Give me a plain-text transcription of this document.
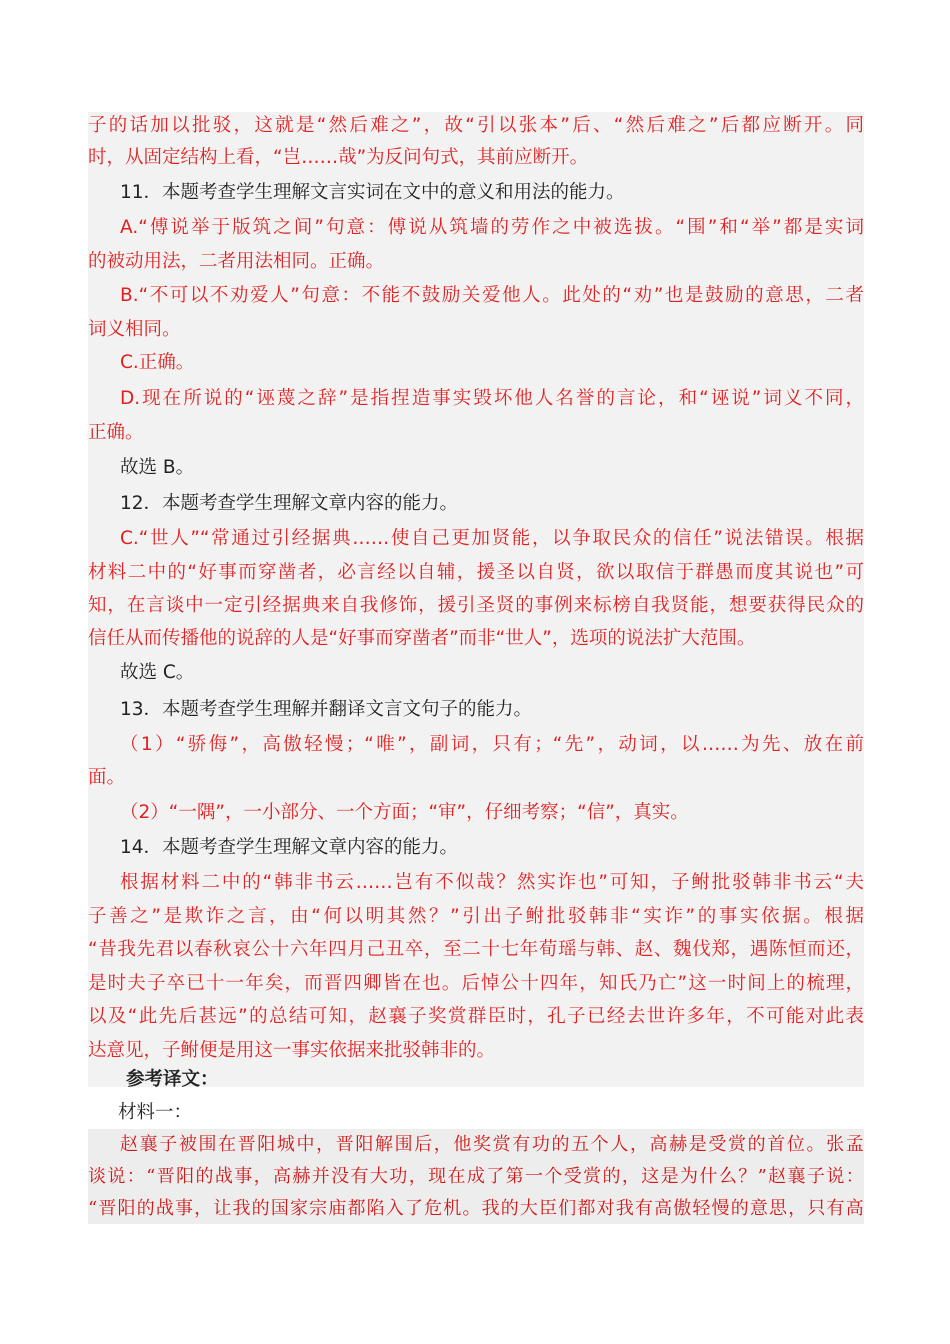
子的话加以批驳，这就是“然后难之”，故“引以张本”后、“然后难之”后都应断开。同
时，从固定结构上看，“岂……哉”为反问句式，其前应断开。
11．本题考查学生理解文言实词在文中的意义和用法的能力。
A.“傅说举于版筑之间”句意：傅说从筑墙的劳作之中被选拔。“围”和“举”都是实词
的被动用法，二者用法相同。正确。
B.“不可以不劝爱人”句意：不能不鼓励关爱他人。此处的“劝”也是鼓励的意思，二者
词义相同。
C.正确。
D.现在所说的“诬蔑之辞”是指捏造事实毁坏他人名誉的言论，和“诬说”词义不同，
正确。
故选 B。
12．本题考查学生理解文章内容的能力。
C.“世人”“常通过引经据典……使自己更加贤能，以争取民众的信任”说法错误。根据
材料二中的“好事而穿凿者，必言经以自辅，援圣以自贤，欲以取信于群愚而度其说也”可
知，在言谈中一定引经据典来自我修饰，援引圣贤的事例来标榜自我贤能，想要获得民众的
信任从而传播他的说辞的人是“好事而穿凿者”而非“世人”，选项的说法扩大范围。
故选 C。
13．本题考查学生理解并翻译文言文句子的能力。
（1）“骄侮”，高傲轻慢；“唯”，副词，只有；“先”，动词，以……为先、放在前
面。
（2）“一隅”，一小部分、一个方面；“审”，仔细考察；“信”，真实。
14．本题考查学生理解文章内容的能力。
根据材料二中的“韩非书云……岂有不似哉？然实诈也”可知，子鲋批驳韩非书云“夫
子善之”是欺诈之言，由“何以明其然？”引出子鲋批驳韩非“实诈”的事实依据。根据
“昔我先君以春秋哀公十六年四月己丑卒，至二十七年荀瑶与韩、赵、魏伐郑，遇陈恒而还，
是时夫子卒已十一年矣，而晋四卿皆在也。后悼公十四年，知氏乃亡”这一时间上的梳理，
以及“此先后甚远”的总结可知，赵襄子奖赏群臣时，孔子已经去世许多年，不可能对此表
达意见，子鲋便是用这一事实依据来批驳韩非的。
参考译文：
材料一：
赵襄子被围在晋阳城中，晋阳解围后，他奖赏有功的五个人，高赫是受赏的首位。张孟
谈说：“晋阳的战事，高赫并没有大功，现在成了第一个受赏的，这是为什么？”赵襄子说：
“晋阳的战事，让我的国家宗庙都陷入了危机。我的大臣们都对我有高傲轻慢的意思，只有高
